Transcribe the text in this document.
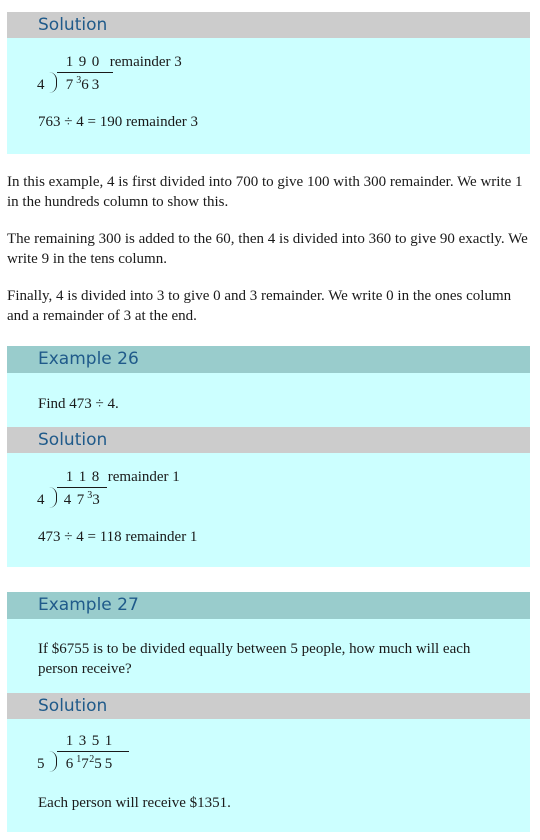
Solution
1 9 0 remainder 3
4 7 $^3$6 3
763 ÷ 4 = 190 remainder 3
In this example, 4 is first divided into 700 to give 100 with 300 remainder. We write 1 in the hundreds column to show this.
The remaining 300 is added to the 60, then 4 is divided into 360 to give 90 exactly. We write 9 in the tens column.
Finally, 4 is divided into 3 to give 0 and 3 remainder. We write 0 in the ones column and a remainder of 3 at the end.
Example 26
Find 473 ÷ 4.
Solution
1 1 8 remainder 1
4 4 7 $^3$3
473 ÷ 4 = 118 remainder 1
Example 27
If $6755 is to be divided equally between 5 people, how much will each person receive?
Solution
1 3 5 1
5 6 $^17^25$ 5
Each person will receive $1351.
